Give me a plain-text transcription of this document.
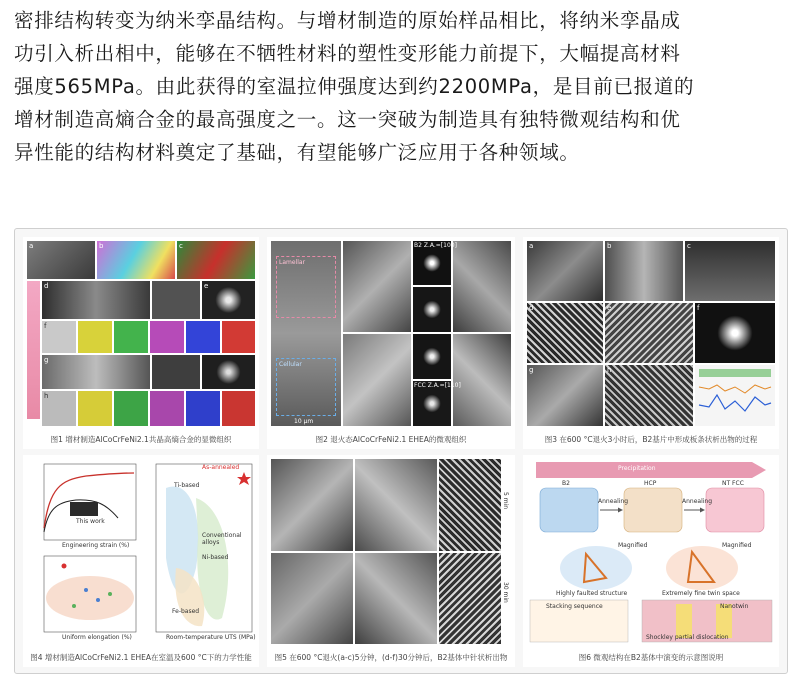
密排结构转变为纳米孪晶结构。与增材制造的原始样品相比，将纳米孪晶成
功引入析出相中，能够在不牺牲材料的塑性变形能力前提下，大幅提高材料
强度565MPa。由此获得的室温拉伸强度达到约2200MPa，是目前已报道的
增材制造高熵合金的最高强度之一。这一突破为制造具有独特微观结构和优
异性能的结构材料奠定了基础，有望能够广泛应用于各种领域。
a	b	c
d	e
f
g
h
图1 增材制造AlCoCrFeNi2.1共晶高熵合金的显微组织
Lamellar
Cellular
10 μm
B2 Z.A.=[100]
FCC Z.A.=[110]
图2 退火态AlCoCrFeNi2.1 EHEA的微观组织
a	b	c
d	e	f
g	h
图3 在600 °C退火3小时后，B2基片中形成板条状析出物的过程
Engineering strain (%)
Uniform elongation (%)	Room-temperature UTS (MPa)
Ti-based
Fe-based
Ni-based
As-annealed
Conventional alloys
This work
图4 增材制造AlCoCrFeNi2.1 EHEA在室温及600 °C下的力学性能
5 min
30 min
图5 在600 °C退火(a-c)5分钟，(d-f)30分钟后，B2基体中针状析出物
Precipitation
B2	HCP	NT FCC
Annealing	Annealing
Magnified	Magnified
Highly faulted structure	Extremely fine twin space
Stacking sequence	Nanotwin
Shockley partial dislocation
图6 微观结构在B2基体中演变的示意图说明
